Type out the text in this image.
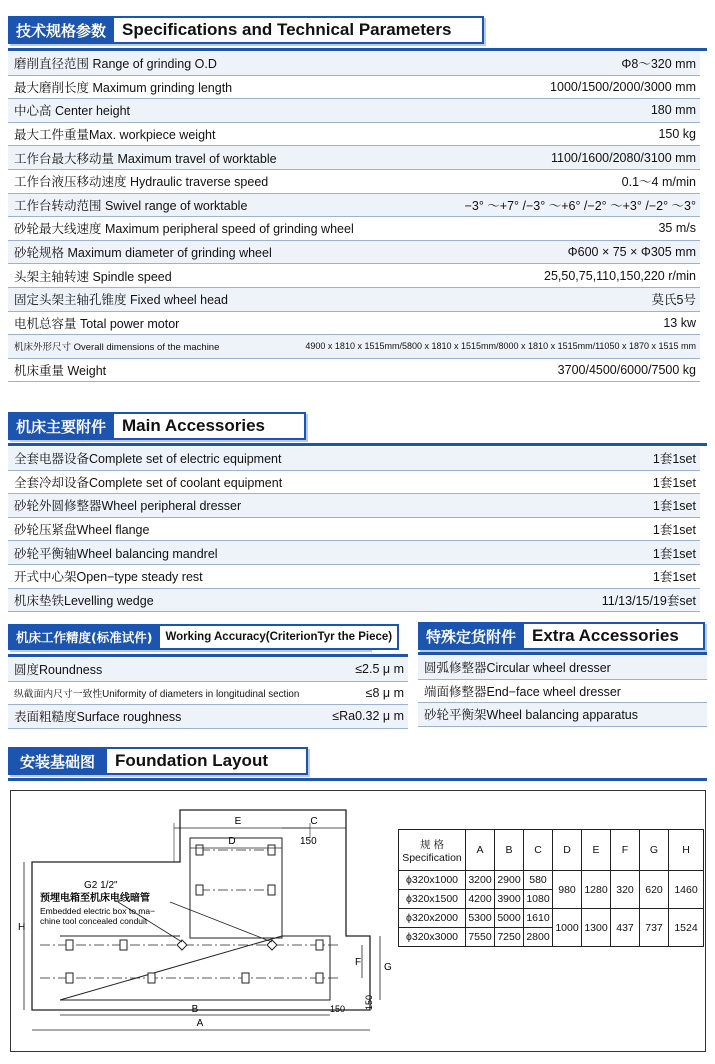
技术规格参数 Specifications and Technical Parameters
磨削直径范围 Range of grinding O.D	Φ8～320 mm
最大磨削长度 Maximum grinding length	1000/1500/2000/3000 mm
中心高 Center height	180 mm
最大工件重量Max. workpiece weight	150 kg
工作台最大移动量 Maximum travel of worktable	1100/1600/2080/3100 mm
工作台液压移动速度 Hydraulic traverse speed	0.1～4 m/min
工作台转动范围 Swivel range of worktable	−3° ～+7° /−3° ～+6° /−2° ～+3° /−2° ～3°
砂轮最大线速度 Maximum peripheral speed of grinding wheel	35 m/s
砂轮规格 Maximum diameter of grinding wheel	Φ600 × 75 × Φ305 mm
头架主轴转速 Spindle speed	25,50,75,110,150,220 r/min
固定头架主轴孔锥度 Fixed wheel head	莫氏5号
电机总容量 Total power motor	13 kw
机床外形尺寸 Overall dimensions of the machine	4900 x 1810 x 1515mm/5800 x 1810 x 1515mm/8000 x 1810 x 1515mm/11050 x 1870 x 1515 mm
机床重量 Weight	3700/4500/6000/7500 kg
机床主要附件 Main Accessories
全套电器设备Complete set of electric equipment	1套1set
全套冷却设备Complete set of coolant equipment	1套1set
砂轮外圆修整器Wheel peripheral dresser	1套1set
砂轮压紧盘Wheel flange	1套1set
砂轮平衡轴Wheel balancing mandrel	1套1set
开式中心架Open−type steady rest	1套1set
机床垫铁Levelling wedge	11/13/15/19套set
机床工作精度(标准试件)	Working Accuracy(CriterionTyr the Piece)
圆度Roundness	≤2.5 μ m
纵截面内尺寸一致性Uniformity of diameters in longitudinal section	≤8 μ m
表面粗糙度Surface roughness	≤Ra0.32 μ m
特殊定货附件 Extra Accessories
圆弧修整器Circular wheel dresser
端面修整器End−face wheel dresser
砂轮平衡架Wheel balancing apparatus
安装基础图	Foundation Layout
E	C
D	150
H
F G
150
B	150
A
G2 1/2"
预埋电箱至机床电线暗管
Embedded electric box to ma−
chine tool concealed conduit
规 格
Specification	A	B	C	D	E	F	G	H
ϕ320x1000	3200	2900	580	980	1280	320	620	1460
ϕ320x1500	4200	3900	1080					
ϕ320x2000	5300	5000	1610	1000	1300	437	737	1524
ϕ320x3000	7550	7250	2800					
